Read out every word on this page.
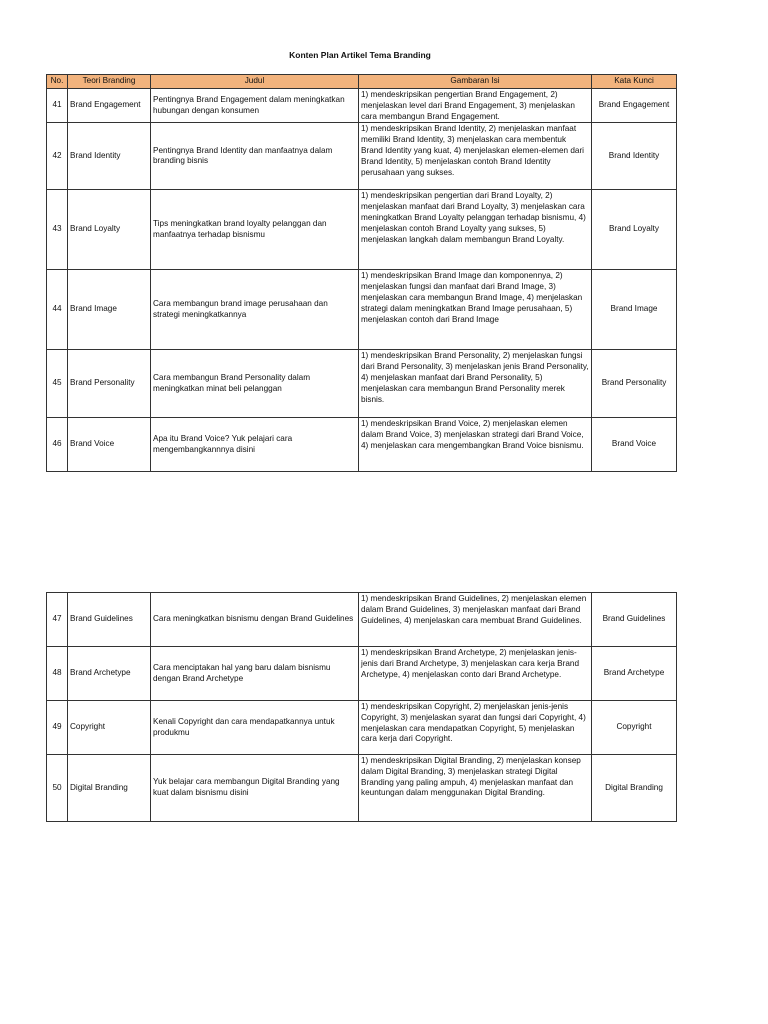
Konten Plan Artikel Tema Branding
No.	Teori Branding	Judul	Gambaran Isi	Kata Kunci
41	Brand Engagement	Pentingnya Brand Engagement dalam meningkatkan hubungan dengan konsumen	1) mendeskripsikan pengertian Brand Engagement, 2) menjelaskan level dari Brand Engagement, 3) menjelaskan cara membangun Brand Engagement.	Brand Engagement
42	Brand Identity	Pentingnya Brand Identity dan manfaatnya dalam branding bisnis	1) mendeskripsikan Brand Identity, 2) menjelaskan manfaat memiliki Brand Identity, 3) menjelaskan cara membentuk Brand Identity yang kuat, 4) menjelaskan elemen-elemen dari Brand Identity, 5) menjelaskan contoh Brand Identity perusahaan yang sukses.	Brand Identity
43	Brand Loyalty	Tips meningkatkan brand loyalty pelanggan dan manfaatnya terhadap bisnismu	1) mendeskripsikan pengertian dari Brand Loyalty, 2) menjelaskan manfaat dari Brand Loyalty, 3) menjelaskan cara meningkatkan Brand Loyalty pelanggan terhadap bisnismu, 4) menjelaskan contoh Brand Loyalty yang sukses, 5) menjelaskan langkah dalam membangun Brand Loyalty.	Brand Loyalty
44	Brand Image	Cara membangun brand image perusahaan dan strategi meningkatkannya	1) mendeskripsikan Brand Image dan komponennya, 2) menjelaskan fungsi dan manfaat dari Brand Image, 3) menjelaskan cara membangun Brand Image, 4) menjelaskan strategi dalam meningkatkan Brand Image perusahaan, 5) menjelaskan contoh dari Brand Image	Brand Image
45	Brand Personality	Cara membangun Brand Personality dalam meningkatkan minat beli pelanggan	1) mendeskripsikan Brand Personality, 2) menjelaskan fungsi dari Brand Personality, 3) menjelaskan jenis Brand Personality, 4) menjelaskan manfaat dari Brand Personality, 5) menjelaskan cara membangun Brand Personality merek bisnis.	Brand Personality
46	Brand Voice	Apa itu Brand Voice? Yuk pelajari cara mengembangkannnya disini	1) mendeskripsikan Brand Voice, 2) menjelaskan elemen dalam Brand Voice, 3) menjelaskan strategi dari Brand Voice, 4) menjelaskan cara mengembangkan Brand Voice bisnismu.	Brand Voice
47	Brand Guidelines	Cara meningkatkan bisnismu dengan Brand Guidelines	1) mendeskripsikan Brand Guidelines, 2) menjelaskan elemen dalam Brand Guidelines, 3) menjelaskan manfaat dari Brand Guidelines, 4) menjelaskan cara membuat Brand Guidelines.	Brand Guidelines
48	Brand Archetype	Cara menciptakan hal yang baru dalam bisnismu dengan Brand Archetype	1) mendeskripsikan Brand Archetype, 2) menjelaskan jenis-jenis dari Brand Archetype, 3) menjelaskan cara kerja Brand Archetype, 4) menjelaskan conto dari Brand Archetype.	Brand Archetype
49	Copyright	Kenali Copyright dan cara mendapatkannya untuk produkmu	1) mendeskripsikan Copyright, 2) menjelaskan jenis-jenis Copyright, 3) menjelaskan syarat dan fungsi dari Copyright, 4) menjelaskan cara mendapatkan Copyright, 5) menjelaskan cara kerja dari Copyright.	Copyright
50	Digital Branding	Yuk belajar cara membangun Digital Branding yang kuat dalam bisnismu disini	1) mendeskripsikan Digital Branding, 2) menjelaskan konsep dalam Digital Branding, 3) menjelaskan strategi Digital Branding yang paling ampuh, 4) menjelaskan manfaat dan keuntungan dalam menggunakan Digital Branding.	Digital Branding
